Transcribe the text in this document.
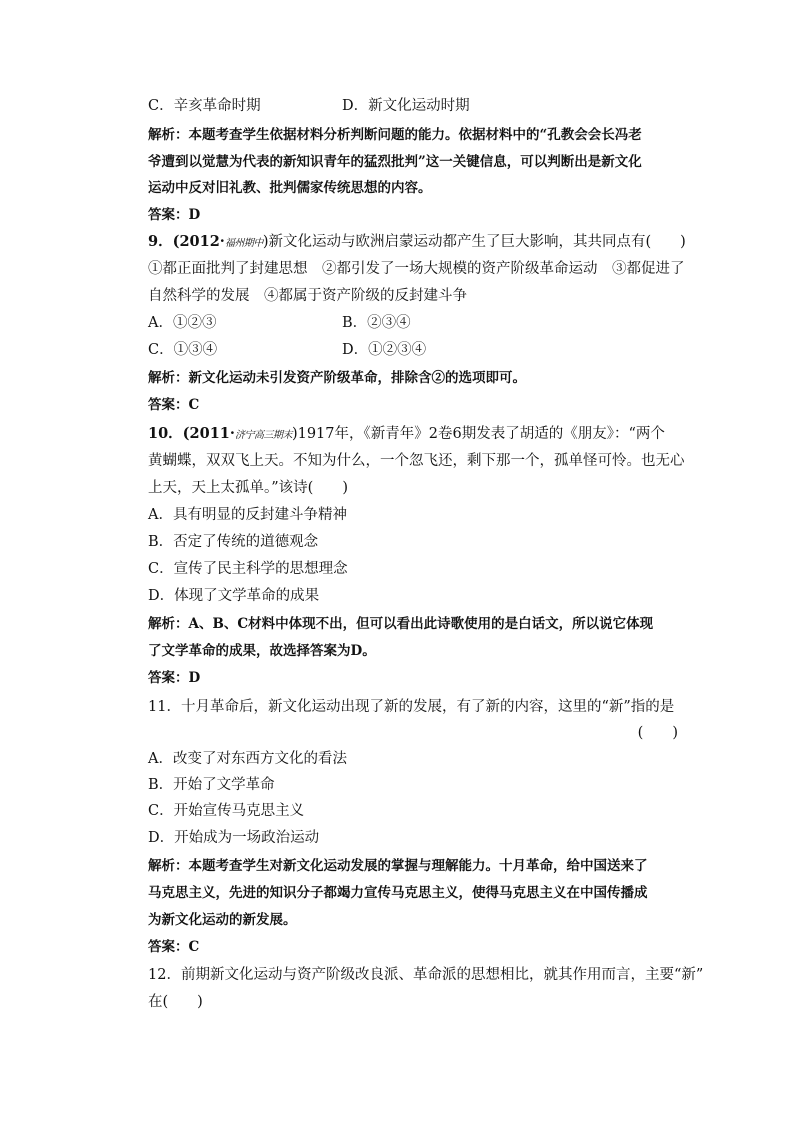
C．辛亥革命时期	D．新文化运动时期
解析：本题考查学生依据材料分析判断问题的能力。依据材料中的“孔教会会长冯老
爷遭到以觉慧为代表的新知识青年的猛烈批判”这一关键信息，可以判断出是新文化
运动中反对旧礼教、批判儒家传统思想的内容。
答案：D
9．(2012·福州期中)新文化运动与欧洲启蒙运动都产生了巨大影响，其共同点有(　　)
①都正面批判了封建思想　②都引发了一场大规模的资产阶级革命运动　③都促进了
自然科学的发展　④都属于资产阶级的反封建斗争
A．①②③	B．②③④
C．①③④	D．①②③④
解析：新文化运动未引发资产阶级革命，排除含②的选项即可。
答案：C
10．(2011·济宁高三期末)1917年，《新青年》2卷6期发表了胡适的《朋友》：“两个
黄蝴蝶，双双飞上天。不知为什么，一个忽飞还，剩下那一个，孤单怪可怜。也无心
上天，天上太孤单。”该诗(　　)
A．具有明显的反封建斗争精神
B．否定了传统的道德观念
C．宣传了民主科学的思想理念
D．体现了文学革命的成果
解析：A、B、C材料中体现不出，但可以看出此诗歌使用的是白话文，所以说它体现
了文学革命的成果，故选择答案为D。
答案：D
11．十月革命后，新文化运动出现了新的发展，有了新的内容，这里的“新”指的是
(　　)
A．改变了对东西方文化的看法
B．开始了文学革命
C．开始宣传马克思主义
D．开始成为一场政治运动
解析：本题考查学生对新文化运动发展的掌握与理解能力。十月革命，给中国送来了
马克思主义，先进的知识分子都竭力宣传马克思主义，使得马克思主义在中国传播成
为新文化运动的新发展。
答案：C
12．前期新文化运动与资产阶级改良派、革命派的思想相比，就其作用而言，主要“新”
在(　　)
